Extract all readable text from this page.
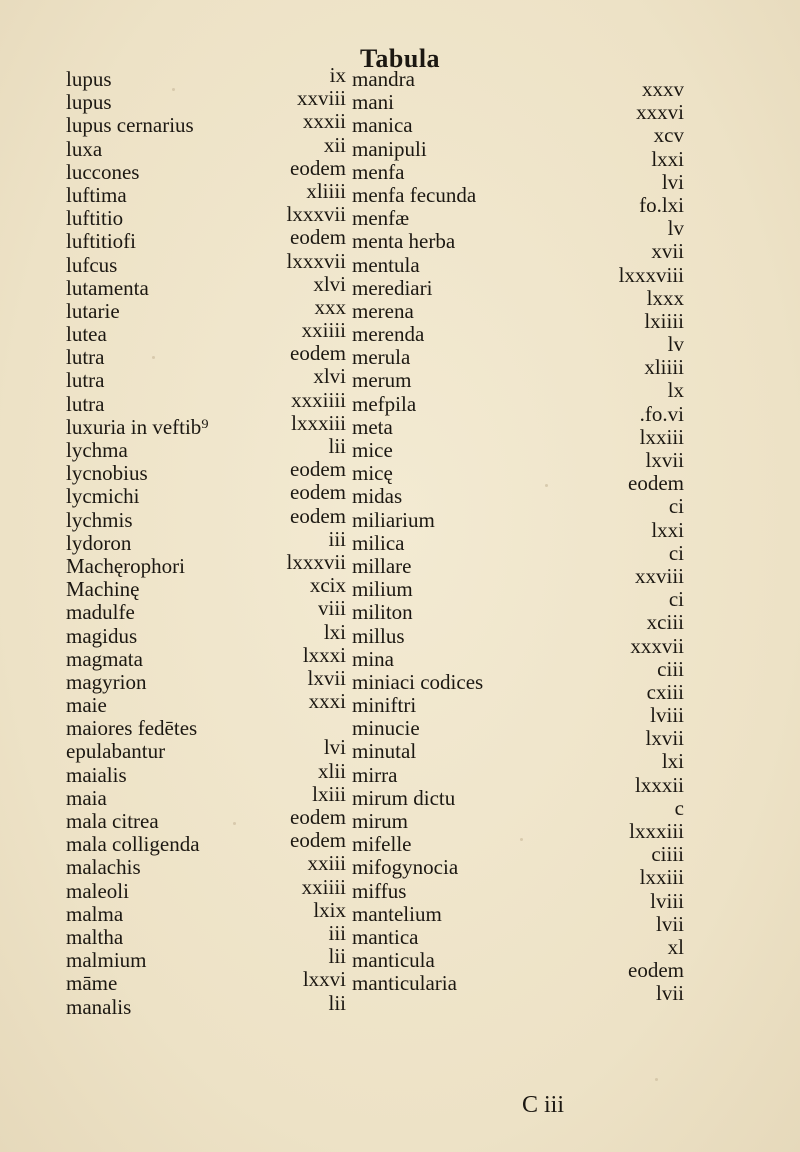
Tabula
lupus
lupus
lupus cernarius
luxa
luccones
luftima
luftitio
luftitiofi
lufcus
lutamenta
lutarie
lutea
lutra
lutra
lutra
luxuria in veftib⁹
lychma
lycnobius
lycmichi
lychmis
lydoron
Machęrophori
Machinę
madulfe
magidus
magmata
magyrion
maie
maiores fedētes
epulabantur
maialis
maia
mala citrea
mala colligenda
malachis
maleoli
malma
maltha
malmium
māme
manalis
ix
xxviii
xxxii
xii
eodem
xliiii
lxxxvii
eodem
lxxxvii
xlvi
xxx
xxiiii
eodem
xlvi
xxxiiii
lxxxiii
lii
eodem
eodem
eodem
iii
lxxxvii
xcix
viii
lxi
lxxxi
lxvii
xxxi
lvi
xlii
lxiii
eodem
eodem
xxiii
xxiiii
lxix
iii
lii
lxxvi
lii
mandra
mani
manica
manipuli
menfa
menfa fecunda
menfæ
menta herba
mentula
merediari
merena
merenda
merula
merum
mefpila
meta
mice
micę
midas
miliarium
milica
millare
milium
militon
millus
mina
miniaci codices
miniftri
minucie
minutal
mirra
mirum dictu
mirum
mifelle
mifogynocia
miffus
mantelium
mantica
manticula
manticularia
xxxv
xxxvi
xcv
lxxi
lvi
fo.lxi
lv
xvii
lxxxviii
lxxx
lxiiii
lv
xliiii
lx
.fo.vi
lxxiii
lxvii
eodem
ci
lxxi
ci
xxviii
ci
xciii
xxxvii
ciii
cxiii
lviii
lxvii
lxi
lxxxii
c
lxxxiii
ciiii
lxxiii
lviii
lvii
xl
eodem
lvii
C iii
